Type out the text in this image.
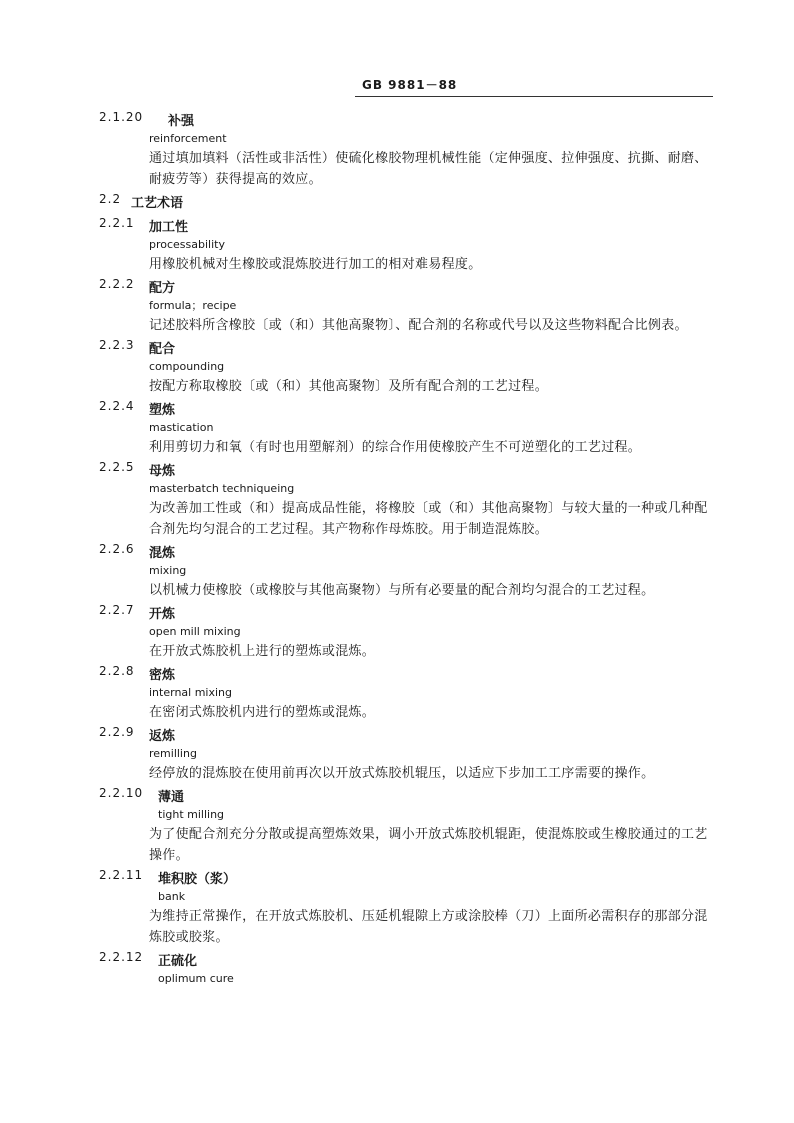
GB 9881－88
2.1.20 补强
reinforcement
通过填加填料（活性或非活性）使硫化橡胶物理机械性能（定伸强度、拉伸强度、抗撕、耐磨、耐疲劳等）获得提高的效应。
2.2 工艺术语
2.2.1 加工性
processability
用橡胶机械对生橡胶或混炼胶进行加工的相对难易程度。
2.2.2 配方
formula；recipe
记述胶料所含橡胶〔或（和）其他高聚物〕、配合剂的名称或代号以及这些物料配合比例表。
2.2.3 配合
compounding
按配方称取橡胶〔或（和）其他高聚物〕及所有配合剂的工艺过程。
2.2.4 塑炼
mastication
利用剪切力和氧（有时也用塑解剂）的综合作用使橡胶产生不可逆塑化的工艺过程。
2.2.5 母炼
masterbatch techniqueing
为改善加工性或（和）提高成品性能，将橡胶〔或（和）其他高聚物〕与较大量的一种或几种配合剂先均匀混合的工艺过程。其产物称作母炼胶。用于制造混炼胶。
2.2.6 混炼
mixing
以机械力使橡胶（或橡胶与其他高聚物）与所有必要量的配合剂均匀混合的工艺过程。
2.2.7 开炼
open mill mixing
在开放式炼胶机上进行的塑炼或混炼。
2.2.8 密炼
internal mixing
在密闭式炼胶机内进行的塑炼或混炼。
2.2.9 返炼
remilling
经停放的混炼胶在使用前再次以开放式炼胶机辊压，以适应下步加工工序需要的操作。
2.2.10 薄通
tight milling
为了使配合剂充分分散或提高塑炼效果，调小开放式炼胶机辊距，使混炼胶或生橡胶通过的工艺操作。
2.2.11 堆积胶（浆）
bank
为维持正常操作，在开放式炼胶机、压延机辊隙上方或涂胶棒（刀）上面所必需积存的那部分混炼胶或胶浆。
2.2.12 正硫化
oplimum cure
